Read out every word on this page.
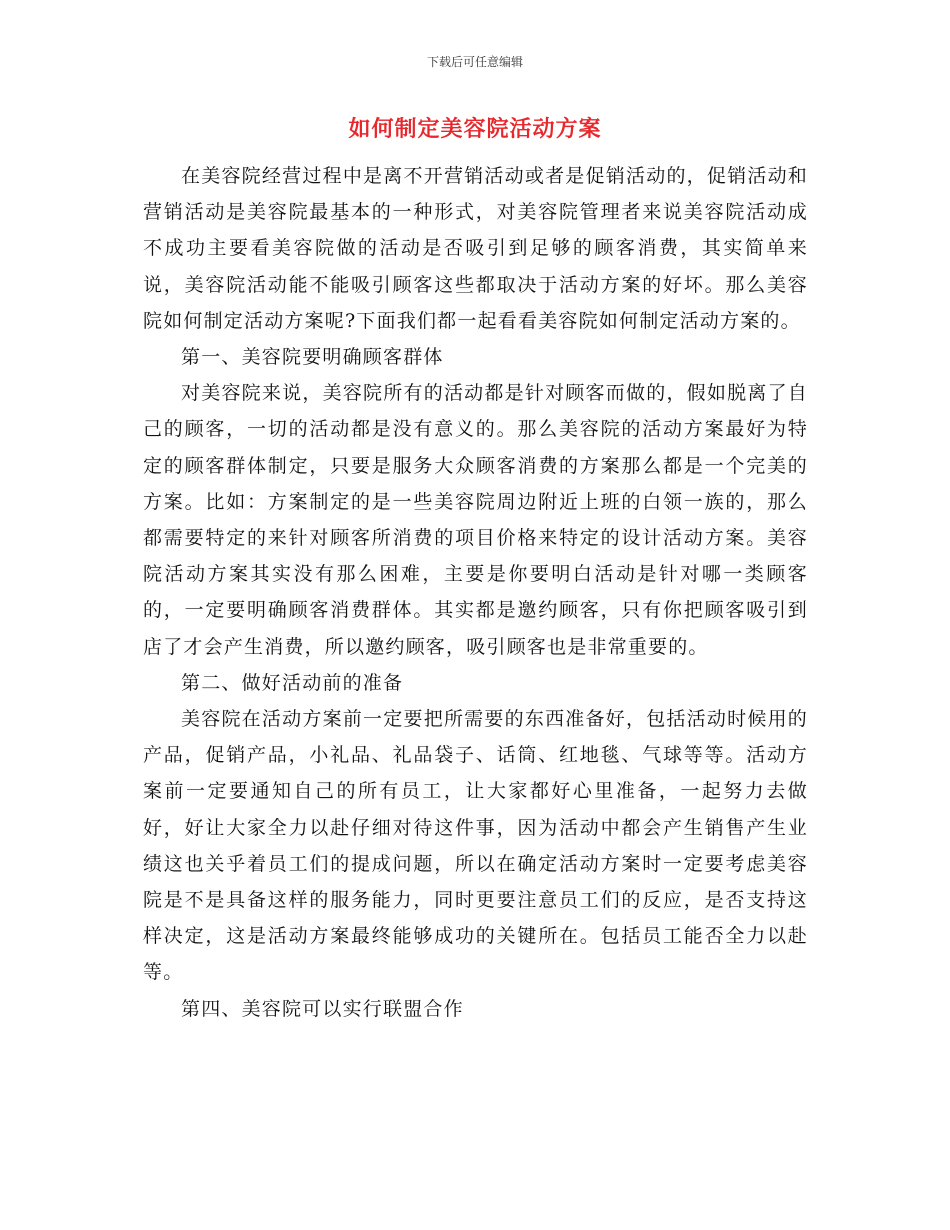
下载后可任意编辑
如何制定美容院活动方案

在美容院经营过程中是离不开营销活动或者是促销活动的，促销活动和营销活动是美容院最基本的一种形式，对美容院管理者来说美容院活动成不成功主要看美容院做的活动是否吸引到足够的顾客消费，其实简单来说，美容院活动能不能吸引顾客这些都取决于活动方案的好坏。那么美容院如何制定活动方案呢?下面我们都一起看看美容院如何制定活动方案的。

第一、美容院要明确顾客群体

对美容院来说，美容院所有的活动都是针对顾客而做的，假如脱离了自己的顾客，一切的活动都是没有意义的。那么美容院的活动方案最好为特定的顾客群体制定，只要是服务大众顾客消费的方案那么都是一个完美的方案。比如：方案制定的是一些美容院周边附近上班的白领一族的，那么都需要特定的来针对顾客所消费的项目价格来特定的设计活动方案。美容院活动方案其实没有那么困难，主要是你要明白活动是针对哪一类顾客的，一定要明确顾客消费群体。其实都是邀约顾客，只有你把顾客吸引到店了才会产生消费，所以邀约顾客，吸引顾客也是非常重要的。

第二、做好活动前的准备

美容院在活动方案前一定要把所需要的东西准备好，包括活动时候用的产品，促销产品，小礼品、礼品袋子、话筒、红地毯、气球等等。活动方案前一定要通知自己的所有员工，让大家都好心里准备，一起努力去做好，好让大家全力以赴仔细对待这件事，因为活动中都会产生销售产生业绩这也关乎着员工们的提成问题，所以在确定活动方案时一定要考虑美容院是不是具备这样的服务能力，同时更要注意员工们的反应，是否支持这样决定，这是活动方案最终能够成功的关键所在。包括员工能否全力以赴等。

第四、美容院可以实行联盟合作
